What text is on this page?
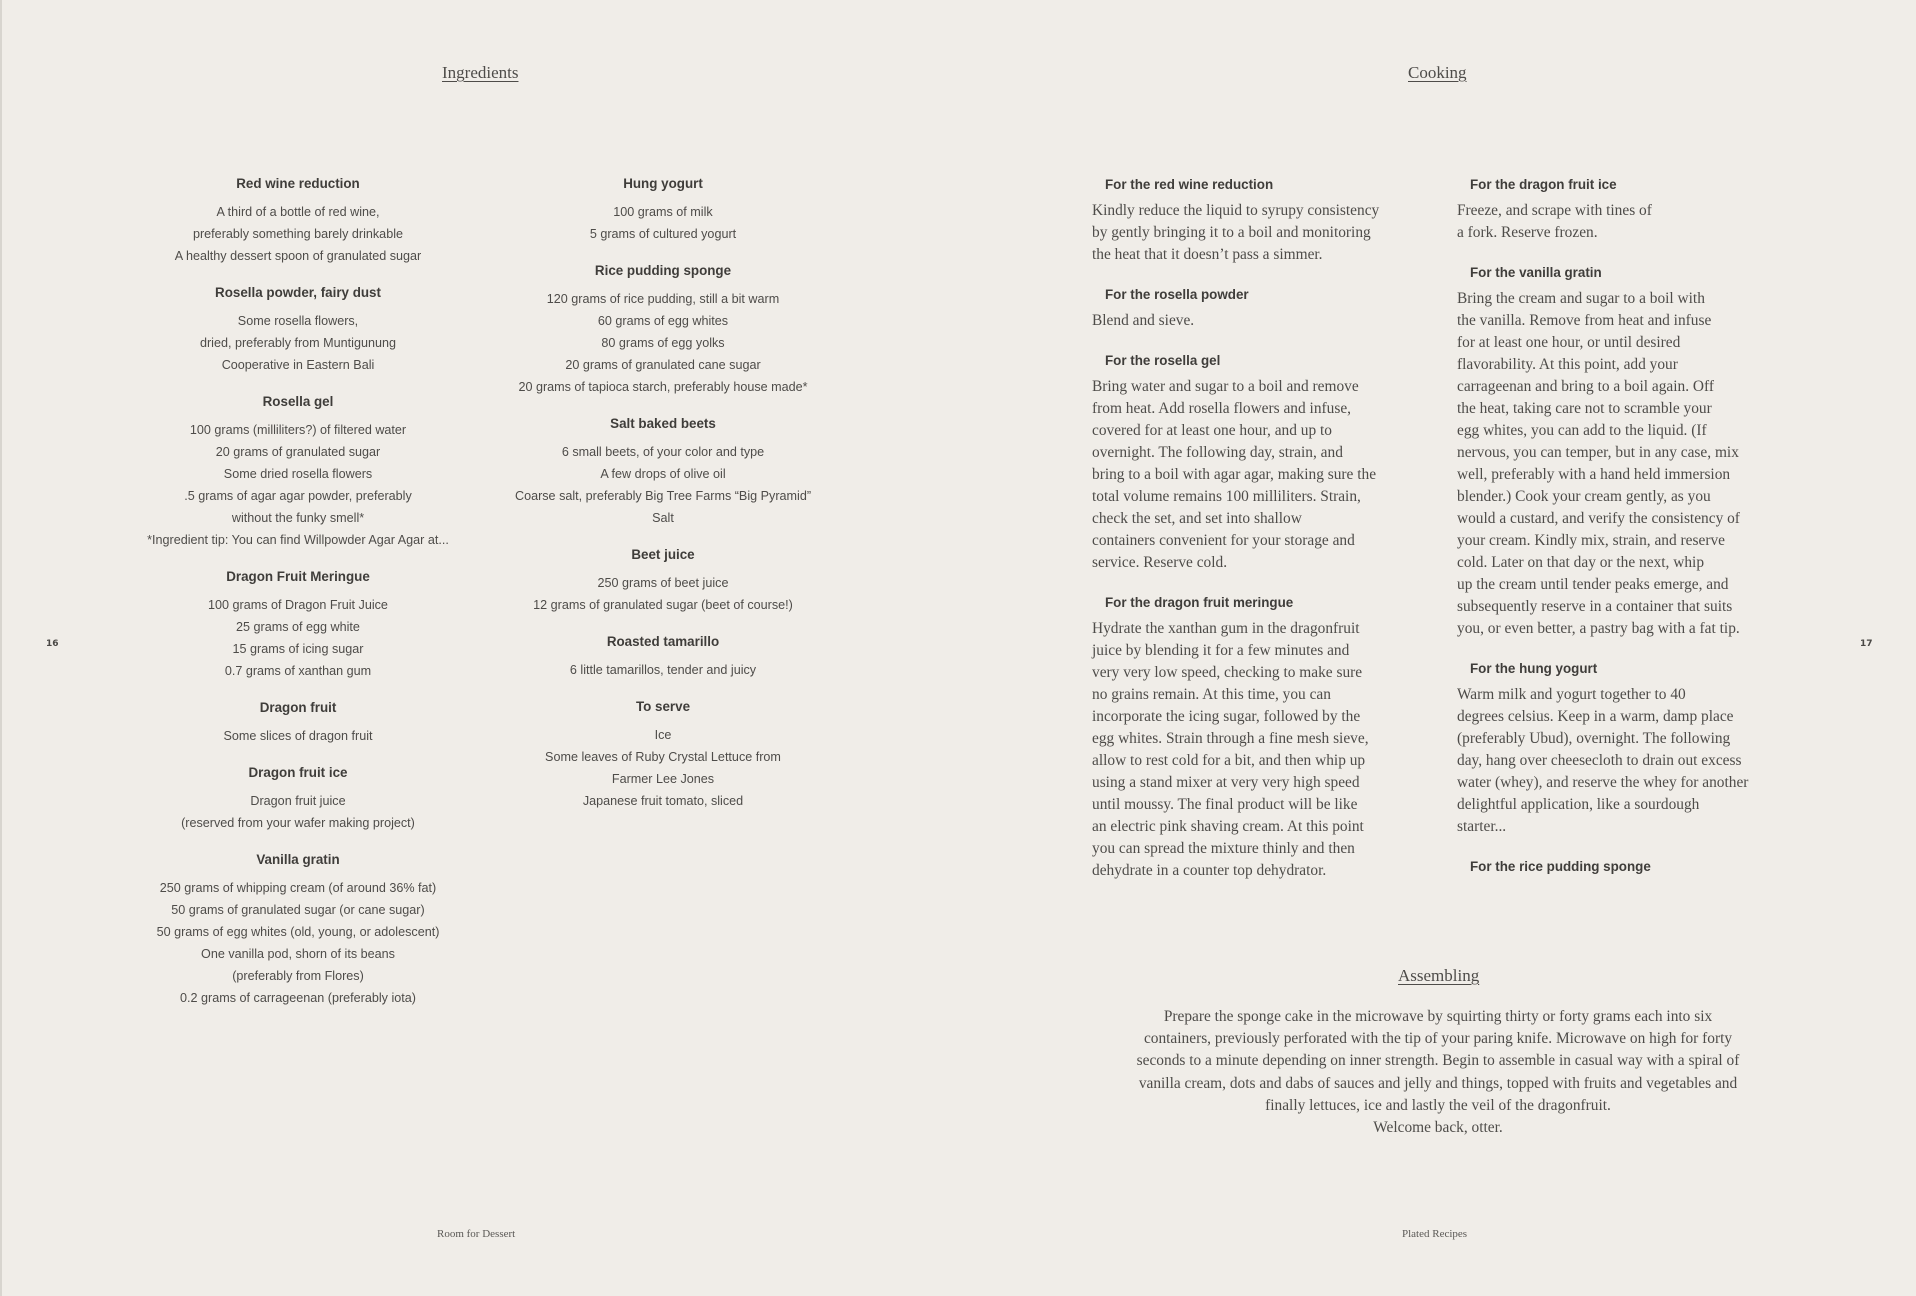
Ingredients	Cooking
16	17
Room for Dessert	Plated Recipes
Red wine reduction
A third of a bottle of red wine,
preferably something barely drinkable
A healthy dessert spoon of granulated sugar
Rosella powder, fairy dust
Some rosella flowers,
dried, preferably from Muntigunung
Cooperative in Eastern Bali
Rosella gel
100 grams (milliliters?) of filtered water
20 grams of granulated sugar
Some dried rosella flowers
.5 grams of agar agar powder, preferably
without the funky smell*
*Ingredient tip: You can find Willpowder Agar Agar at...
Dragon Fruit Meringue
100 grams of Dragon Fruit Juice
25 grams of egg white
15 grams of icing sugar
0.7 grams of xanthan gum
Dragon fruit
Some slices of dragon fruit
Dragon fruit ice
Dragon fruit juice
(reserved from your wafer making project)
Vanilla gratin
250 grams of whipping cream (of around 36% fat)
50 grams of granulated sugar (or cane sugar)
50 grams of egg whites (old, young, or adolescent)
One vanilla pod, shorn of its beans
(preferably from Flores)
0.2 grams of carrageenan (preferably iota)
Hung yogurt
100 grams of milk
5 grams of cultured yogurt
Rice pudding sponge
120 grams of rice pudding, still a bit warm
60 grams of egg whites
80 grams of egg yolks
20 grams of granulated cane sugar
20 grams of tapioca starch, preferably house made*
Salt baked beets
6 small beets, of your color and type
A few drops of olive oil
Coarse salt, preferably Big Tree Farms “Big Pyramid”
Salt
Beet juice
250 grams of beet juice
12 grams of granulated sugar (beet of course!)
Roasted tamarillo
6 little tamarillos, tender and juicy
To serve
Ice
Some leaves of Ruby Crystal Lettuce from
Farmer Lee Jones
Japanese fruit tomato, sliced
For the red wine reduction
Kindly reduce the liquid to syrupy consistency
by gently bringing it to a boil and monitoring
the heat that it doesn’t pass a simmer.
For the rosella powder
Blend and sieve.
For the rosella gel
Bring water and sugar to a boil and remove
from heat. Add rosella flowers and infuse,
covered for at least one hour, and up to
overnight. The following day, strain, and
bring to a boil with agar agar, making sure the
total volume remains 100 milliliters. Strain,
check the set, and set into shallow
containers convenient for your storage and
service. Reserve cold.
For the dragon fruit meringue
Hydrate the xanthan gum in the dragonfruit
juice by blending it for a few minutes and
very very low speed, checking to make sure
no grains remain. At this time, you can
incorporate the icing sugar, followed by the
egg whites. Strain through a fine mesh sieve,
allow to rest cold for a bit, and then whip up
using a stand mixer at very very high speed
until moussy. The final product will be like
an electric pink shaving cream. At this point
you can spread the mixture thinly and then
dehydrate in a counter top dehydrator.
For the dragon fruit ice
Freeze, and scrape with tines of
a fork. Reserve frozen.
For the vanilla gratin
Bring the cream and sugar to a boil with
the vanilla. Remove from heat and infuse
for at least one hour, or until desired
flavorability. At this point, add your
carrageenan and bring to a boil again. Off
the heat, taking care not to scramble your
egg whites, you can add to the liquid. (If
nervous, you can temper, but in any case, mix
well, preferably with a hand held immersion
blender.) Cook your cream gently, as you
would a custard, and verify the consistency of
your cream. Kindly mix, strain, and reserve
cold. Later on that day or the next, whip
up the cream until tender peaks emerge, and
subsequently reserve in a container that suits
you, or even better, a pastry bag with a fat tip.
For the hung yogurt
Warm milk and yogurt together to 40
degrees celsius. Keep in a warm, damp place
(preferably Ubud), overnight. The following
day, hang over cheesecloth to drain out excess
water (whey), and reserve the whey for another
delightful application, like a sourdough
starter...
For the rice pudding sponge
Assembling
Prepare the sponge cake in the microwave by squirting thirty or forty grams each into six
containers, previously perforated with the tip of your paring knife. Microwave on high for forty
seconds to a minute depending on inner strength. Begin to assemble in casual way with a spiral of
vanilla cream, dots and dabs of sauces and jelly and things, topped with fruits and vegetables and
finally lettuces, ice and lastly the veil of the dragonfruit.
Welcome back, otter.
